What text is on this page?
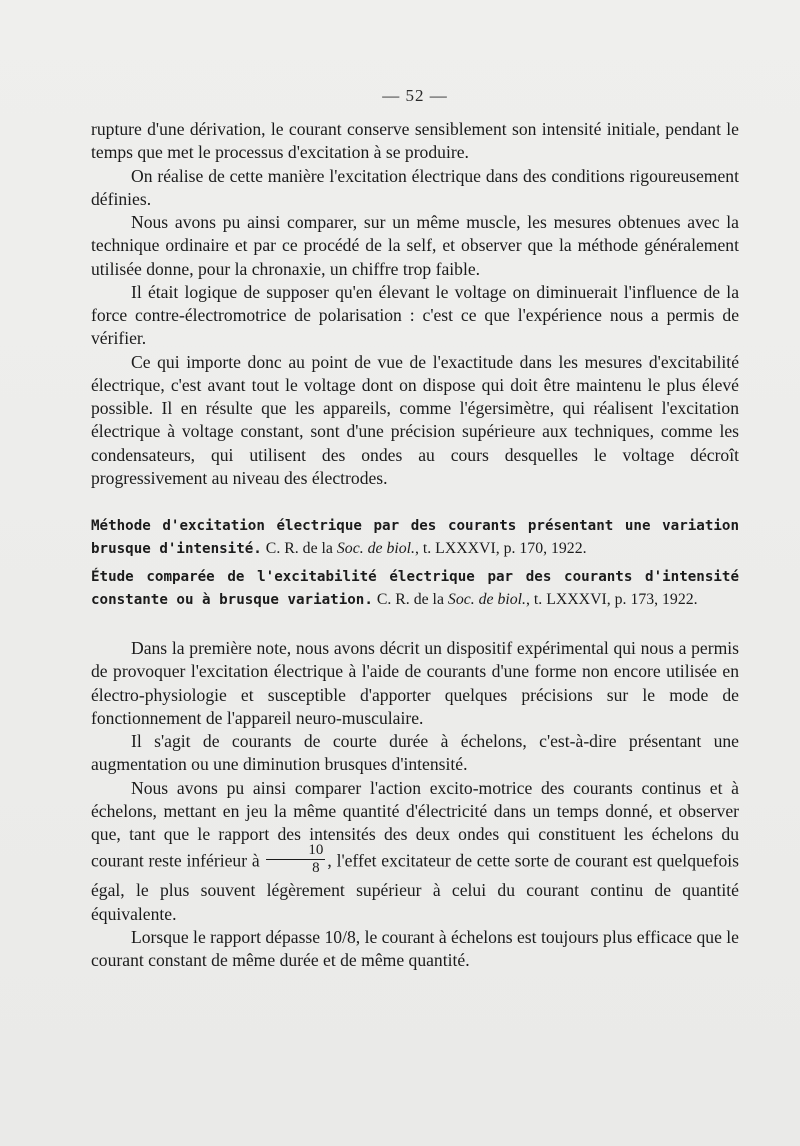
— 52 —

rupture d'une dérivation, le courant conserve sensiblement son intensité initiale, pendant le temps que met le processus d'excitation à se produire.

On réalise de cette manière l'excitation électrique dans des conditions rigoureusement définies.

Nous avons pu ainsi comparer, sur un même muscle, les mesures obtenues avec la technique ordinaire et par ce procédé de la self, et observer que la méthode généralement utilisée donne, pour la chronaxie, un chiffre trop faible.

Il était logique de supposer qu'en élevant le voltage on diminuerait l'influence de la force contre-électromotrice de polarisation : c'est ce que l'expérience nous a permis de vérifier.

Ce qui importe donc au point de vue de l'exactitude dans les mesures d'excitabilité électrique, c'est avant tout le voltage dont on dispose qui doit être maintenu le plus élevé possible. Il en résulte que les appareils, comme l'égersimètre, qui réalisent l'excitation électrique à voltage constant, sont d'une précision supérieure aux techniques, comme les condensateurs, qui utilisent des ondes au cours desquelles le voltage décroît progressivement au niveau des électrodes.

Méthode d'excitation électrique par des courants présentant une variation brusque d'intensité. C. R. de la Soc. de biol., t. LXXXVI, p. 170, 1922.

Étude comparée de l'excitabilité électrique par des courants d'intensité constante ou à brusque variation. C. R. de la Soc. de biol., t. LXXXVI, p. 173, 1922.

Dans la première note, nous avons décrit un dispositif expérimental qui nous a permis de provoquer l'excitation électrique à l'aide de courants d'une forme non encore utilisée en électro-physiologie et susceptible d'apporter quelques précisions sur le mode de fonctionnement de l'appareil neuro-musculaire.

Il s'agit de courants de courte durée à échelons, c'est-à-dire présentant une augmentation ou une diminution brusques d'intensité.

Nous avons pu ainsi comparer l'action excito-motrice des courants continus et à échelons, mettant en jeu la même quantité d'électricité dans un temps donné, et observer que, tant que le rapport des intensités des deux ondes qui constituent les échelons du courant reste inférieur à $\frac{10}{8}$ , l'effet excitateur de cette sorte de courant est quelquefois égal, le plus souvent légèrement supérieur à celui du courant continu de quantité équivalente.

Lorsque le rapport dépasse 10/8, le courant à échelons est toujours plus efficace que le courant constant de même durée et de même quantité.
